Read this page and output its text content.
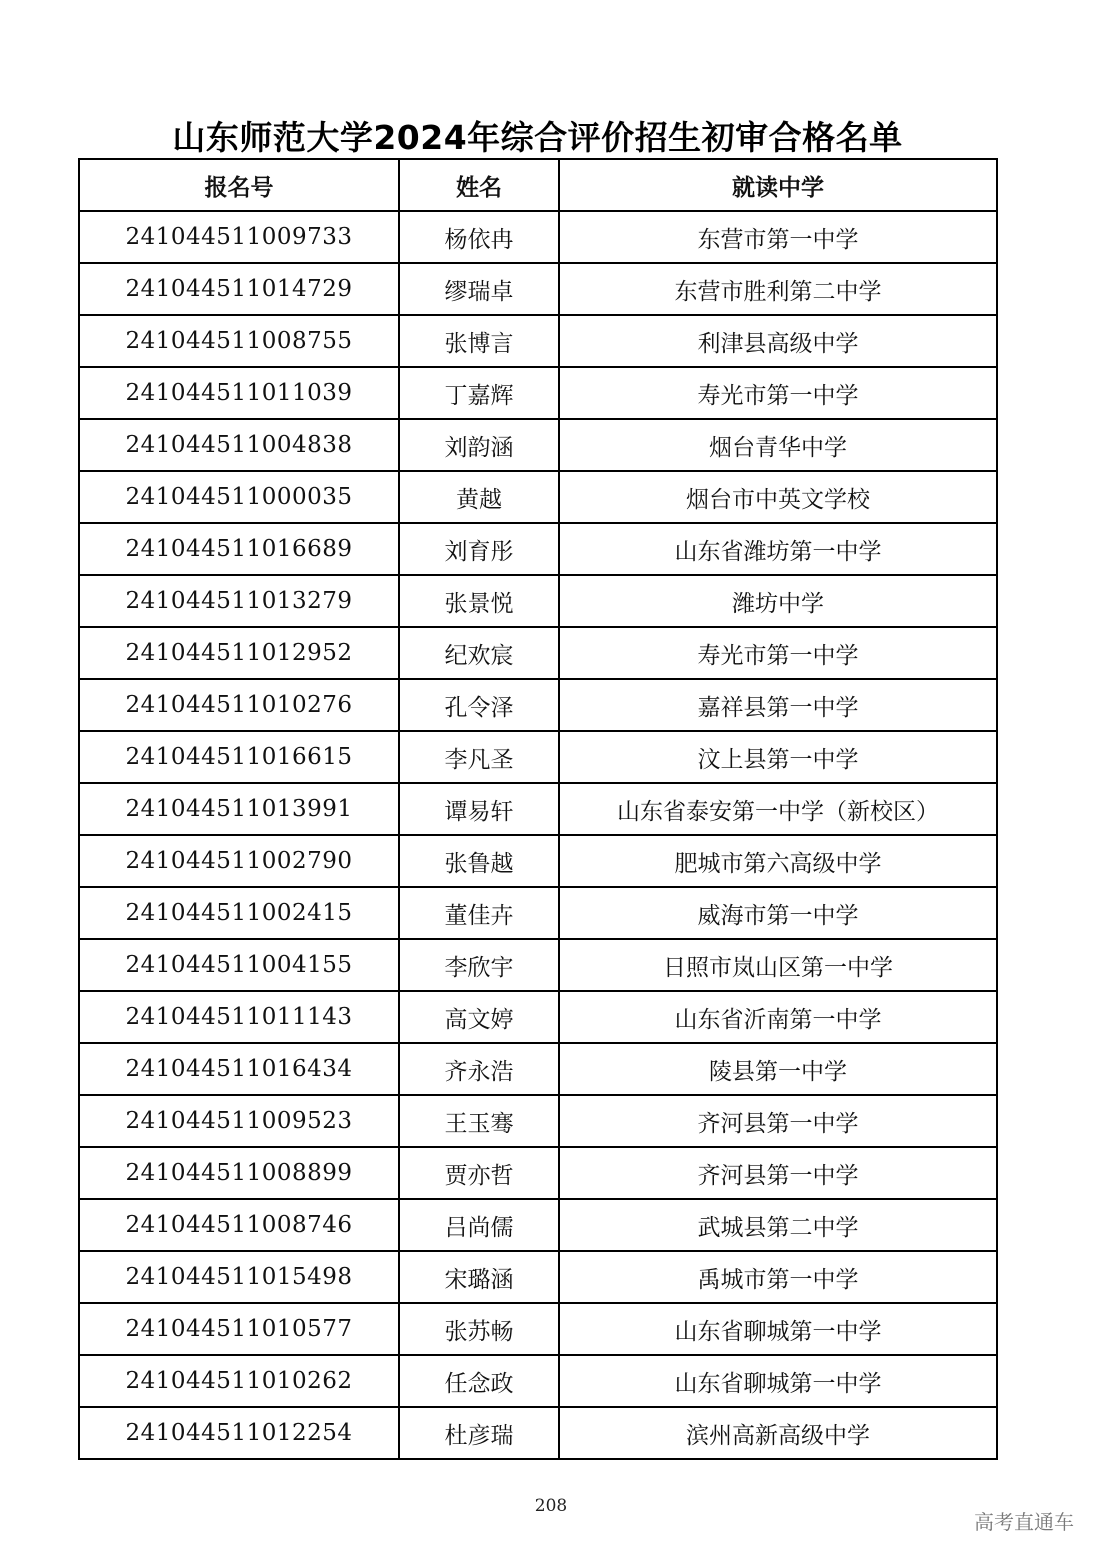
山东师范大学2024年综合评价招生初审合格名单
报名号	姓名	就读中学
241044511009733	杨依冉	东营市第一中学
241044511014729	缪瑞卓	东营市胜利第二中学
241044511008755	张博言	利津县高级中学
241044511011039	丁嘉辉	寿光市第一中学
241044511004838	刘韵涵	烟台青华中学
241044511000035	黄越	烟台市中英文学校
241044511016689	刘育彤	山东省潍坊第一中学
241044511013279	张景悦	潍坊中学
241044511012952	纪欢宸	寿光市第一中学
241044511010276	孔令泽	嘉祥县第一中学
241044511016615	李凡圣	汶上县第一中学
241044511013991	谭易轩	山东省泰安第一中学（新校区）
241044511002790	张鲁越	肥城市第六高级中学
241044511002415	董佳卉	威海市第一中学
241044511004155	李欣宇	日照市岚山区第一中学
241044511011143	高文婷	山东省沂南第一中学
241044511016434	齐永浩	陵县第一中学
241044511009523	王玉骞	齐河县第一中学
241044511008899	贾亦哲	齐河县第一中学
241044511008746	吕尚儒	武城县第二中学
241044511015498	宋璐涵	禹城市第一中学
241044511010577	张苏畅	山东省聊城第一中学
241044511010262	任念政	山东省聊城第一中学
241044511012254	杜彦瑞	滨州高新高级中学
208
高考直通车
